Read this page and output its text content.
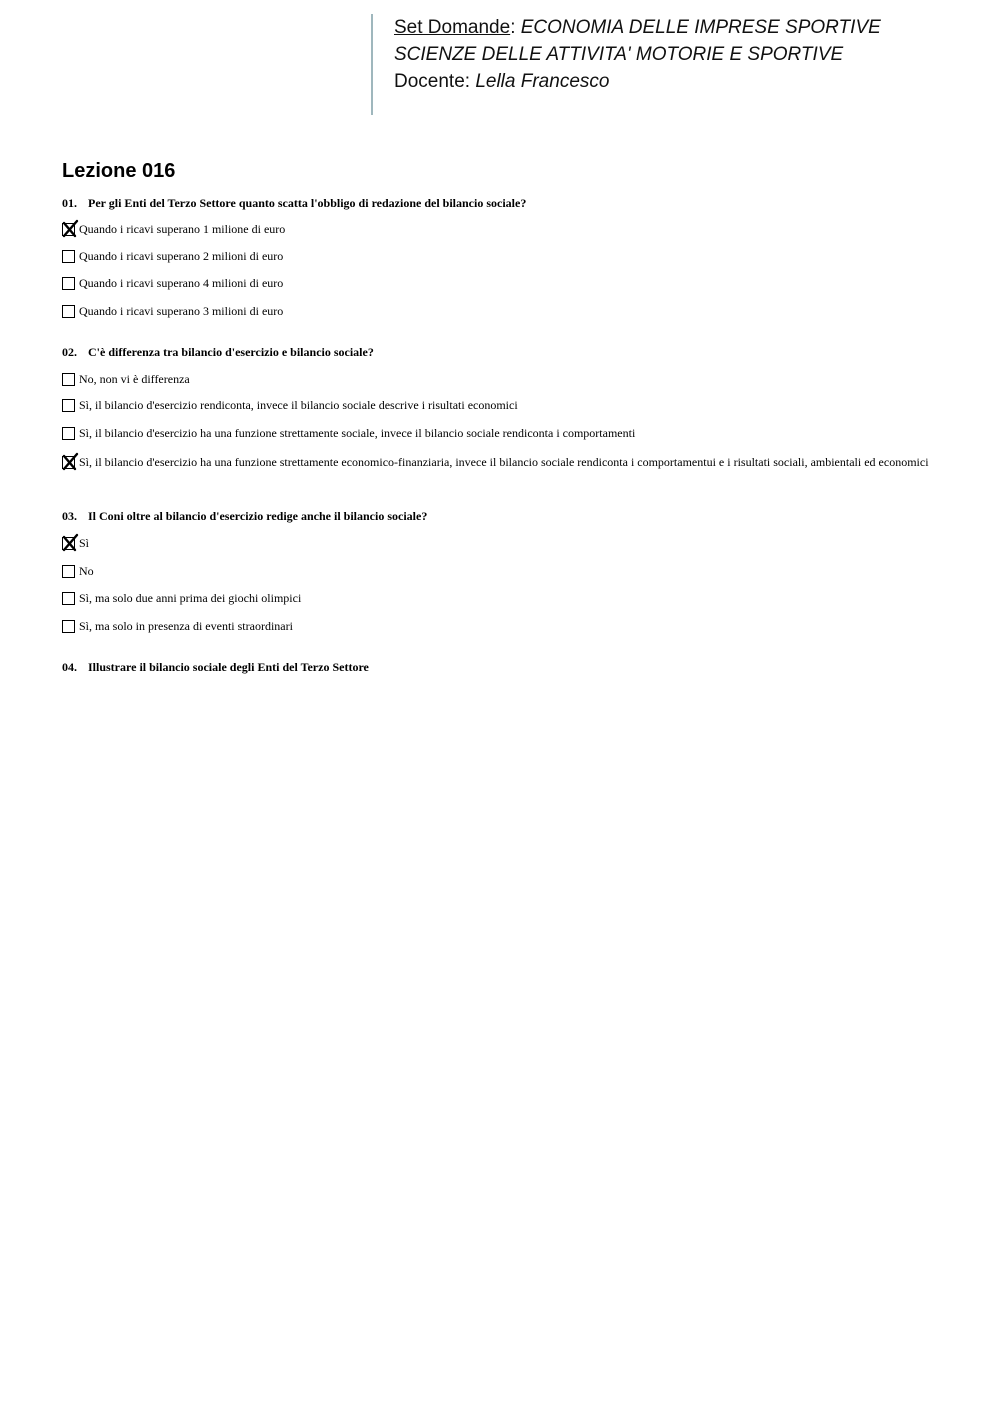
Set Domande: ECONOMIA DELLE IMPRESE SPORTIVE
SCIENZE DELLE ATTIVITA' MOTORIE E SPORTIVE
Docente: Lella Francesco
Lezione 016
01. Per gli Enti del Terzo Settore quanto scatta l'obbligo di redazione del bilancio sociale?
Quando i ricavi superano 1 milione di euro
Quando i ricavi superano 2 milioni di euro
Quando i ricavi superano 4 milioni di euro
Quando i ricavi superano 3 milioni di euro
02. C'è differenza tra bilancio d'esercizio e bilancio sociale?
No, non vi è differenza
Sì, il bilancio d'esercizio rendiconta, invece il bilancio sociale descrive i risultati economici
Sì, il bilancio d'esercizio ha una funzione strettamente sociale, invece il bilancio sociale rendiconta i comportamenti
Sì, il bilancio d'esercizio ha una funzione strettamente economico-finanziaria, invece il bilancio sociale rendiconta i comportamentui e i risultati sociali, ambientali ed economici
03. Il Coni oltre al bilancio d'esercizio redige anche il bilancio sociale?
Sì
No
Sì, ma solo due anni prima dei giochi olimpici
Sì, ma solo in presenza di eventi straordinari
04. Illustrare il bilancio sociale degli Enti del Terzo Settore
